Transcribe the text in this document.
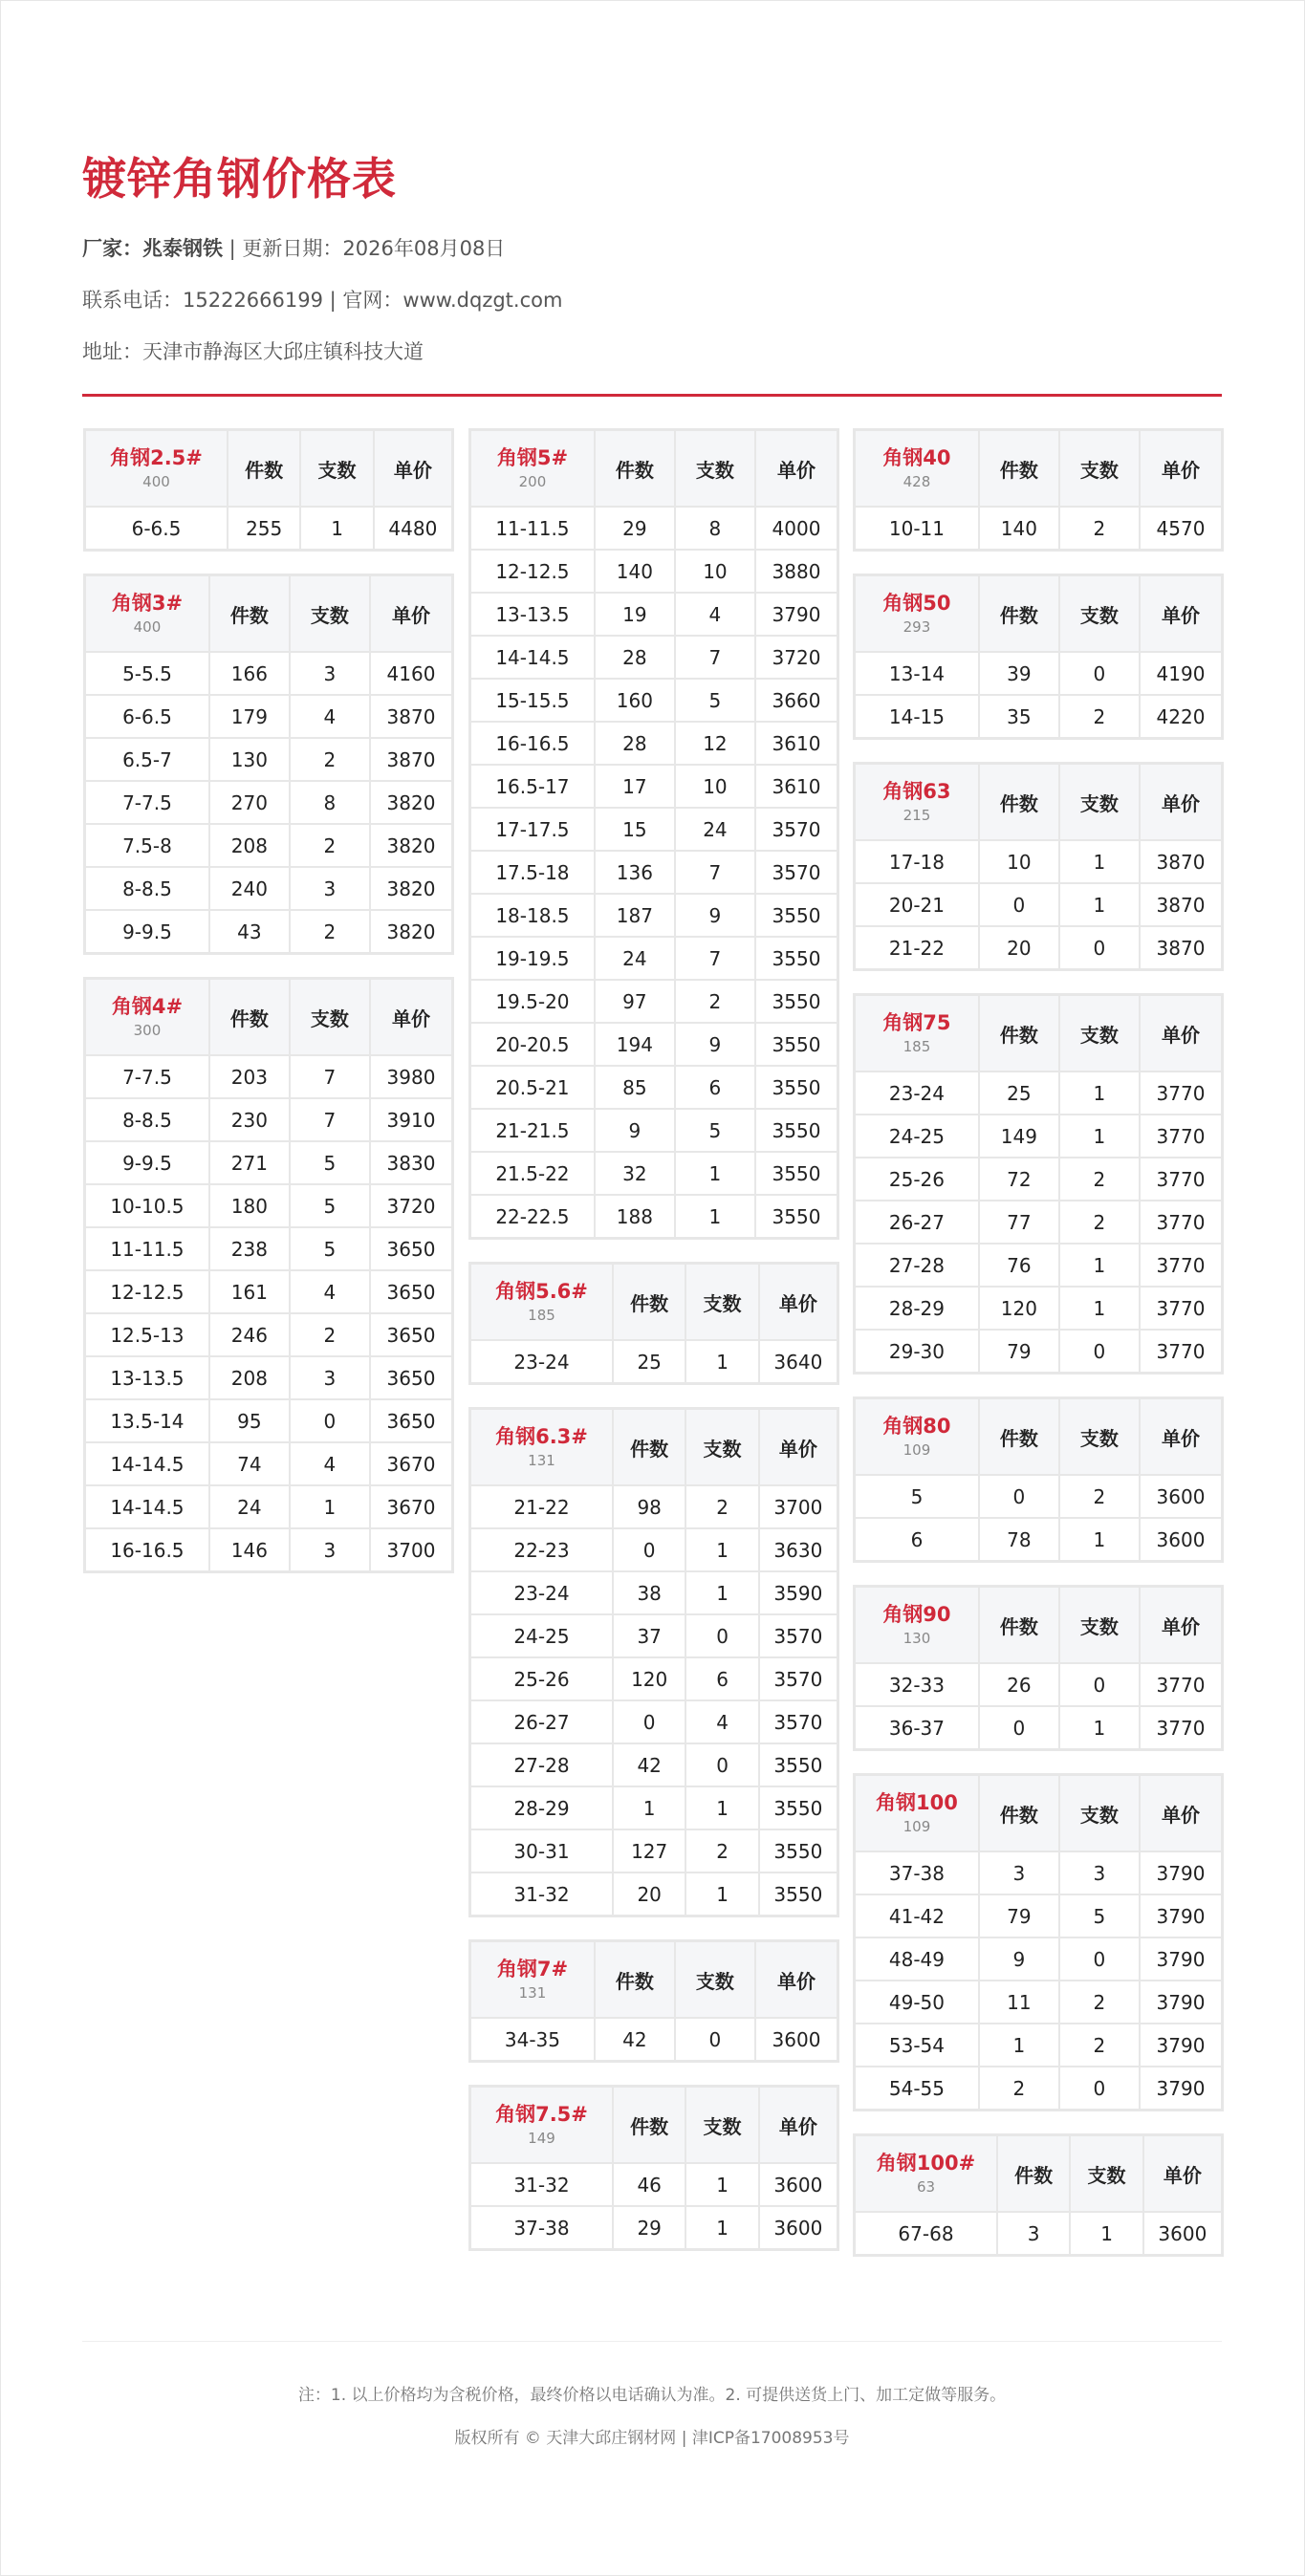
镀锌角钢价格表
厂家：兆泰钢铁 | 更新日期：2026年08月08日
联系电话：15222666199 | 官网：www.dqzgt.com
地址：天津市静海区大邱庄镇科技大道
角钢2.5#
400	件数	支数	单价
6-6.5	255	1	4480
角钢3#
400	件数	支数	单价
5-5.5	166	3	4160
6-6.5	179	4	3870
6.5-7	130	2	3870
7-7.5	270	8	3820
7.5-8	208	2	3820
8-8.5	240	3	3820
9-9.5	43	2	3820
角钢4#
300	件数	支数	单价
7-7.5	203	7	3980
8-8.5	230	7	3910
9-9.5	271	5	3830
10-10.5	180	5	3720
11-11.5	238	5	3650
12-12.5	161	4	3650
12.5-13	246	2	3650
13-13.5	208	3	3650
13.5-14	95	0	3650
14-14.5	74	4	3670
14-14.5	24	1	3670
16-16.5	146	3	3700
角钢5#
200	件数	支数	单价
11-11.5	29	8	4000
12-12.5	140	10	3880
13-13.5	19	4	3790
14-14.5	28	7	3720
15-15.5	160	5	3660
16-16.5	28	12	3610
16.5-17	17	10	3610
17-17.5	15	24	3570
17.5-18	136	7	3570
18-18.5	187	9	3550
19-19.5	24	7	3550
19.5-20	97	2	3550
20-20.5	194	9	3550
20.5-21	85	6	3550
21-21.5	9	5	3550
21.5-22	32	1	3550
22-22.5	188	1	3550
角钢5.6#
185	件数	支数	单价
23-24	25	1	3640
角钢6.3#
131	件数	支数	单价
21-22	98	2	3700
22-23	0	1	3630
23-24	38	1	3590
24-25	37	0	3570
25-26	120	6	3570
26-27	0	4	3570
27-28	42	0	3550
28-29	1	1	3550
30-31	127	2	3550
31-32	20	1	3550
角钢7#
131	件数	支数	单价
34-35	42	0	3600
角钢7.5#
149	件数	支数	单价
31-32	46	1	3600
37-38	29	1	3600
角钢40
428	件数	支数	单价
10-11	140	2	4570
角钢50
293	件数	支数	单价
13-14	39	0	4190
14-15	35	2	4220
角钢63
215	件数	支数	单价
17-18	10	1	3870
20-21	0	1	3870
21-22	20	0	3870
角钢75
185	件数	支数	单价
23-24	25	1	3770
24-25	149	1	3770
25-26	72	2	3770
26-27	77	2	3770
27-28	76	1	3770
28-29	120	1	3770
29-30	79	0	3770
角钢80
109	件数	支数	单价
5	0	2	3600
6	78	1	3600
角钢90
130	件数	支数	单价
32-33	26	0	3770
36-37	0	1	3770
角钢100
109	件数	支数	单价
37-38	3	3	3790
41-42	79	5	3790
48-49	9	0	3790
49-50	11	2	3790
53-54	1	2	3790
54-55	2	0	3790
角钢100#
63	件数	支数	单价
67-68	3	1	3600
注：1. 以上价格均为含税价格，最终价格以电话确认为准。2. 可提供送货上门、加工定做等服务。
版权所有 © 天津大邱庄钢材网 | 津ICP备17008953号
